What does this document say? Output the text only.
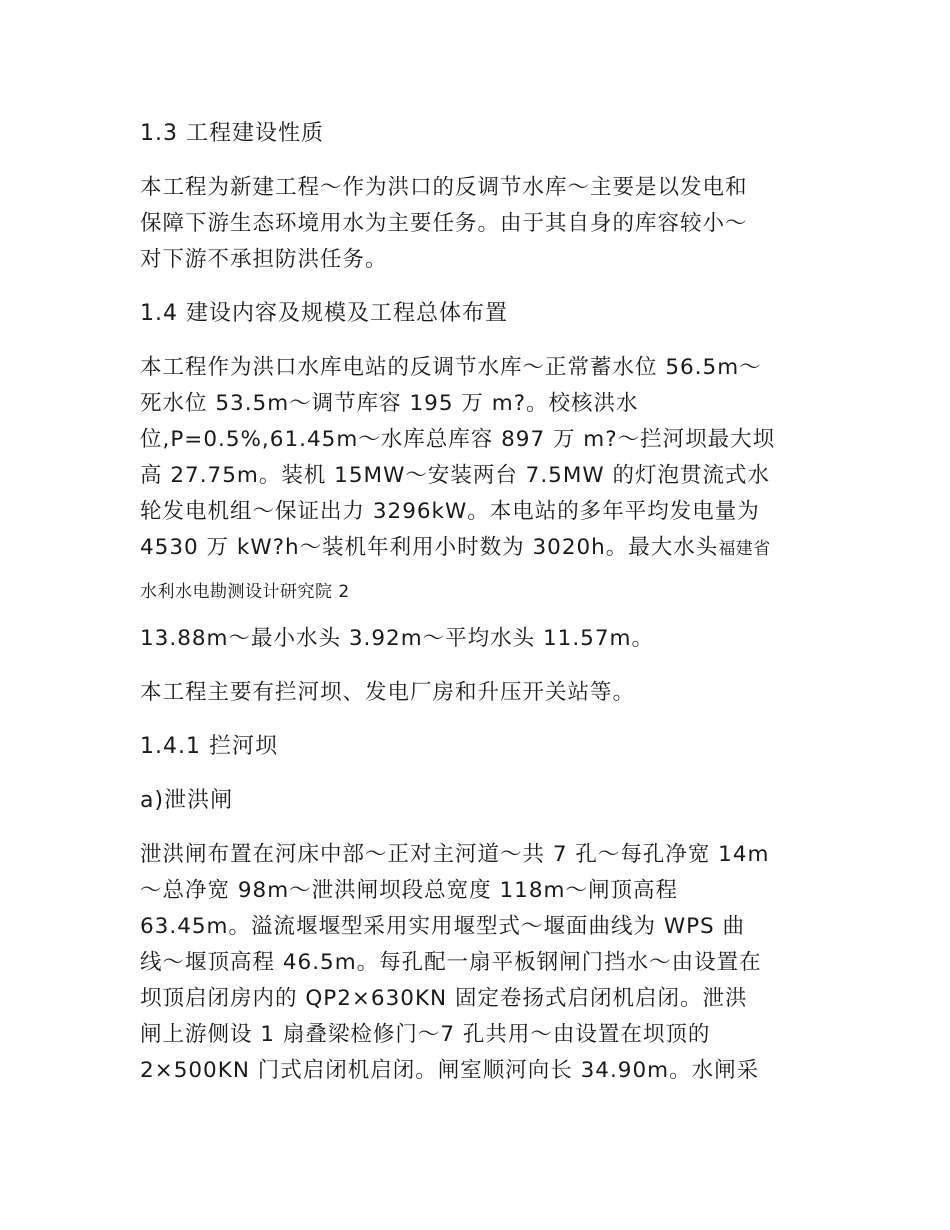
1.3 工程建设性质
本工程为新建工程～作为洪口的反调节水库～主要是以发电和
保障下游生态环境用水为主要任务。由于其自身的库容较小～
对下游不承担防洪任务。
1.4 建设内容及规模及工程总体布置
本工程作为洪口水库电站的反调节水库～正常蓄水位 56.5m～
死水位 53.5m～调节库容 195 万 m?。校核洪水
位,P=0.5%,61.45m～水库总库容 897 万 m?～拦河坝最大坝
高 27.75m。装机 15MW～安装两台 7.5MW 的灯泡贯流式水
轮发电机组～保证出力 3296kW。本电站的多年平均发电量为
4530 万 kW?h～装机年利用小时数为 3020h。最大水头福建省
水利水电勘测设计研究院 2
13.88m～最小水头 3.92m～平均水头 11.57m。
本工程主要有拦河坝、发电厂房和升压开关站等。
1.4.1 拦河坝
a)泄洪闸
泄洪闸布置在河床中部～正对主河道～共 7 孔～每孔净宽 14m
～总净宽 98m～泄洪闸坝段总宽度 118m～闸顶高程
63.45m。溢流堰堰型采用实用堰型式～堰面曲线为 WPS 曲
线～堰顶高程 46.5m。每孔配一扇平板钢闸门挡水～由设置在
坝顶启闭房内的 QP2×630KN 固定卷扬式启闭机启闭。泄洪
闸上游侧设 1 扇叠梁检修门～7 孔共用～由设置在坝顶的
2×500KN 门式启闭机启闭。闸室顺河向长 34.90m。水闸采
